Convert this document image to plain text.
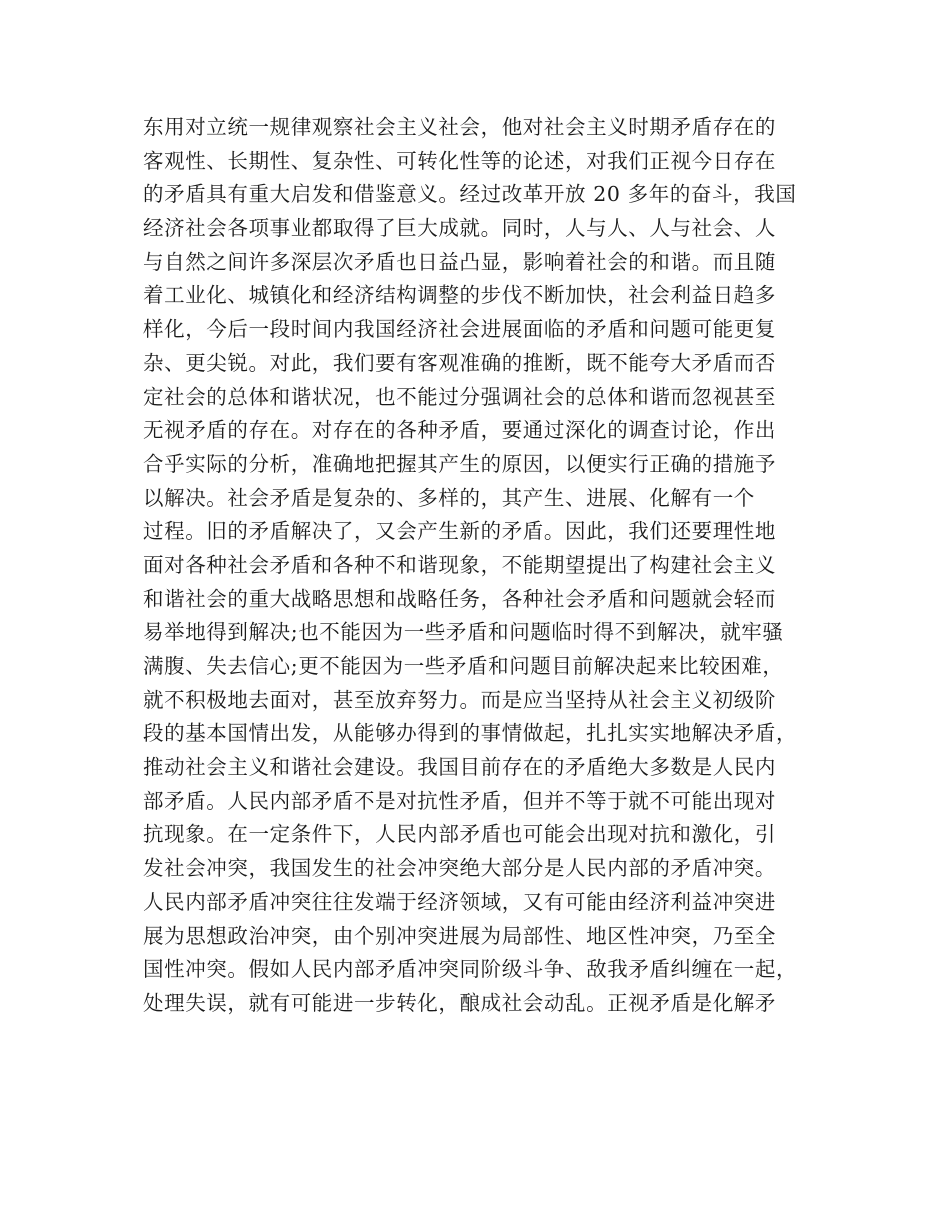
东用对立统一规律观察社会主义社会，他对社会主义时期矛盾存在的
客观性、长期性、复杂性、可转化性等的论述，对我们正视今日存在
的矛盾具有重大启发和借鉴意义。经过改革开放 20 多年的奋斗，我国
经济社会各项事业都取得了巨大成就。同时，人与人、人与社会、人
与自然之间许多深层次矛盾也日益凸显，影响着社会的和谐。而且随
着工业化、城镇化和经济结构调整的步伐不断加快，社会利益日趋多
样化，今后一段时间内我国经济社会进展面临的矛盾和问题可能更复
杂、更尖锐。对此，我们要有客观准确的推断，既不能夸大矛盾而否
定社会的总体和谐状况，也不能过分强调社会的总体和谐而忽视甚至
无视矛盾的存在。对存在的各种矛盾，要通过深化的调查讨论，作出
合乎实际的分析，准确地把握其产生的原因，以便实行正确的措施予
以解决。社会矛盾是复杂的、多样的，其产生、进展、化解有一个
过程。旧的矛盾解决了，又会产生新的矛盾。因此，我们还要理性地
面对各种社会矛盾和各种不和谐现象，不能期望提出了构建社会主义
和谐社会的重大战略思想和战略任务，各种社会矛盾和问题就会轻而
易举地得到解决;也不能因为一些矛盾和问题临时得不到解决，就牢骚
满腹、失去信心;更不能因为一些矛盾和问题目前解决起来比较困难，
就不积极地去面对，甚至放弃努力。而是应当坚持从社会主义初级阶
段的基本国情出发，从能够办得到的事情做起，扎扎实实地解决矛盾，
推动社会主义和谐社会建设。我国目前存在的矛盾绝大多数是人民内
部矛盾。人民内部矛盾不是对抗性矛盾，但并不等于就不可能出现对
抗现象。在一定条件下，人民内部矛盾也可能会出现对抗和激化，引
发社会冲突，我国发生的社会冲突绝大部分是人民内部的矛盾冲突。
人民内部矛盾冲突往往发端于经济领域，又有可能由经济利益冲突进
展为思想政治冲突，由个别冲突进展为局部性、地区性冲突，乃至全
国性冲突。假如人民内部矛盾冲突同阶级斗争、敌我矛盾纠缠在一起，
处理失误，就有可能进一步转化，酿成社会动乱。正视矛盾是化解矛
